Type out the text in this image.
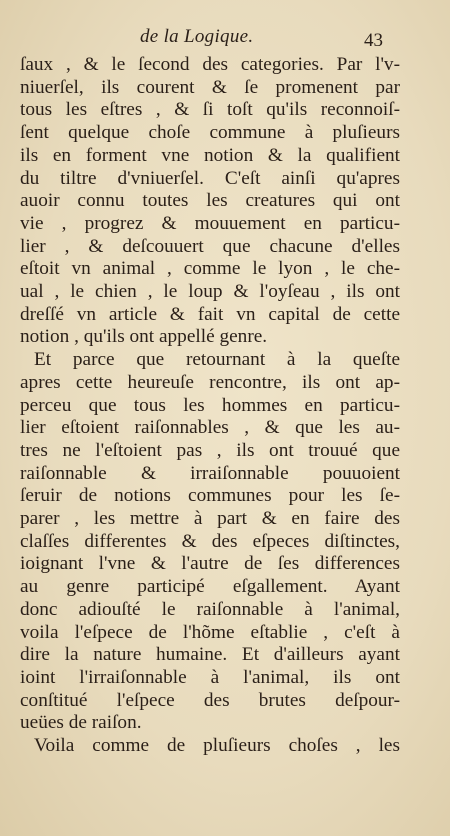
de la Logique.	43
ſaux , & le ſecond des categories. Par l'v-
niuerſel, ils courent & ſe promenent par
tous les eſtres , & ſi toſt qu'ils reconnoiſ-
ſent quelque choſe commune à pluſieurs
ils en forment vne notion & la qualifient
du tiltre d'vniuerſel. C'eſt ainſi qu'apres
auoir connu toutes les creatures qui ont
vie , progrez & mouuement en particu-
lier , & deſcouuert que chacune d'elles
eſtoit vn animal , comme le lyon , le che-
ual , le chien , le loup & l'oyſeau , ils ont
dreſſé vn article & fait vn capital de cette
notion , qu'ils ont appellé genre.
Et parce que retournant à la queſte
apres cette heureuſe rencontre, ils ont ap-
perceu que tous les hommes en particu-
lier eſtoient raiſonnables , & que les au-
tres ne l'eſtoient pas , ils ont trouué que
raiſonnable & irraiſonnable pouuoient
ſeruir de notions communes pour les ſe-
parer , les mettre à part & en faire des
claſſes differentes & des eſpeces diſtinctes,
ioignant l'vne & l'autre de ſes differences
au genre participé eſgallement. Ayant
donc adiouſté le raiſonnable à l'animal,
voila l'eſpece de l'hõme eſtablie , c'eſt à
dire la nature humaine. Et d'ailleurs ayant
ioint l'irraiſonnable à l'animal, ils ont
conſtitué l'eſpece des brutes deſpour-
ueües de raiſon.
Voila comme de pluſieurs choſes , les
